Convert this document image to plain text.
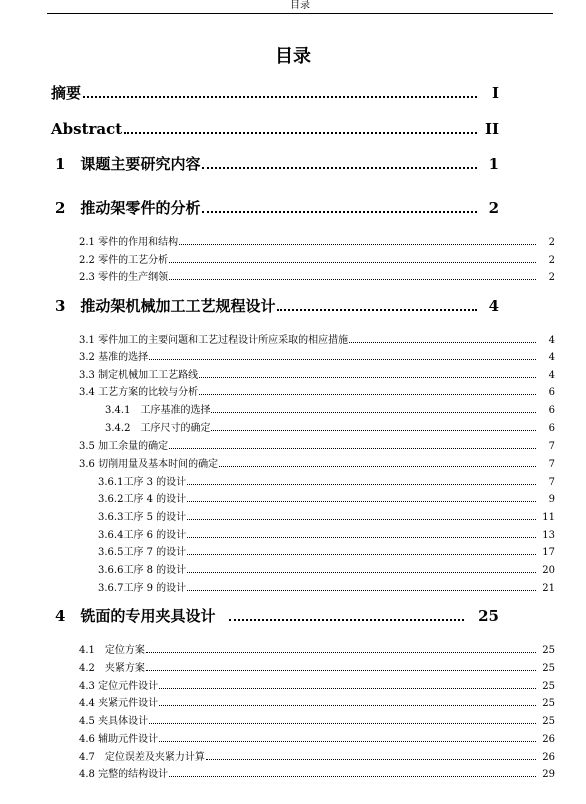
目录
目录
摘要	I
Abstract	II
1　课题主要研究内容	1
2　推动架零件的分析	2
2.1 零件的作用和结构	2
2.2 零件的工艺分析	2
2.3 零件的生产纲领	2
3　推动架机械加工工艺规程设计	4
3.1 零件加工的主要问题和工艺过程设计所应采取的相应措施	4
3.2 基准的选择	4
3.3 制定机械加工工艺路线	4
3.4 工艺方案的比较与分析	6
3.4.1　工序基准的选择	6
3.4.2　工序尺寸的确定	6
3.5 加工余量的确定	7
3.6 切削用量及基本时间的确定	7
3.6.1工序 3 的设计	7
3.6.2工序 4 的设计	9
3.6.3工序 5 的设计	11
3.6.4工序 6 的设计	13
3.6.5工序 7 的设计	17
3.6.6工序 8 的设计	20
3.6.7工序 9 的设计	21
4　铣面的专用夹具设计	25
4.1　定位方案	25
4.2　夹紧方案	25
4.3 定位元件设计	25
4.4 夹紧元件设计	25
4.5 夹具体设计	25
4.6 辅助元件设计	26
4.7　定位误差及夹紧力计算	26
4.8 完整的结构设计	29
